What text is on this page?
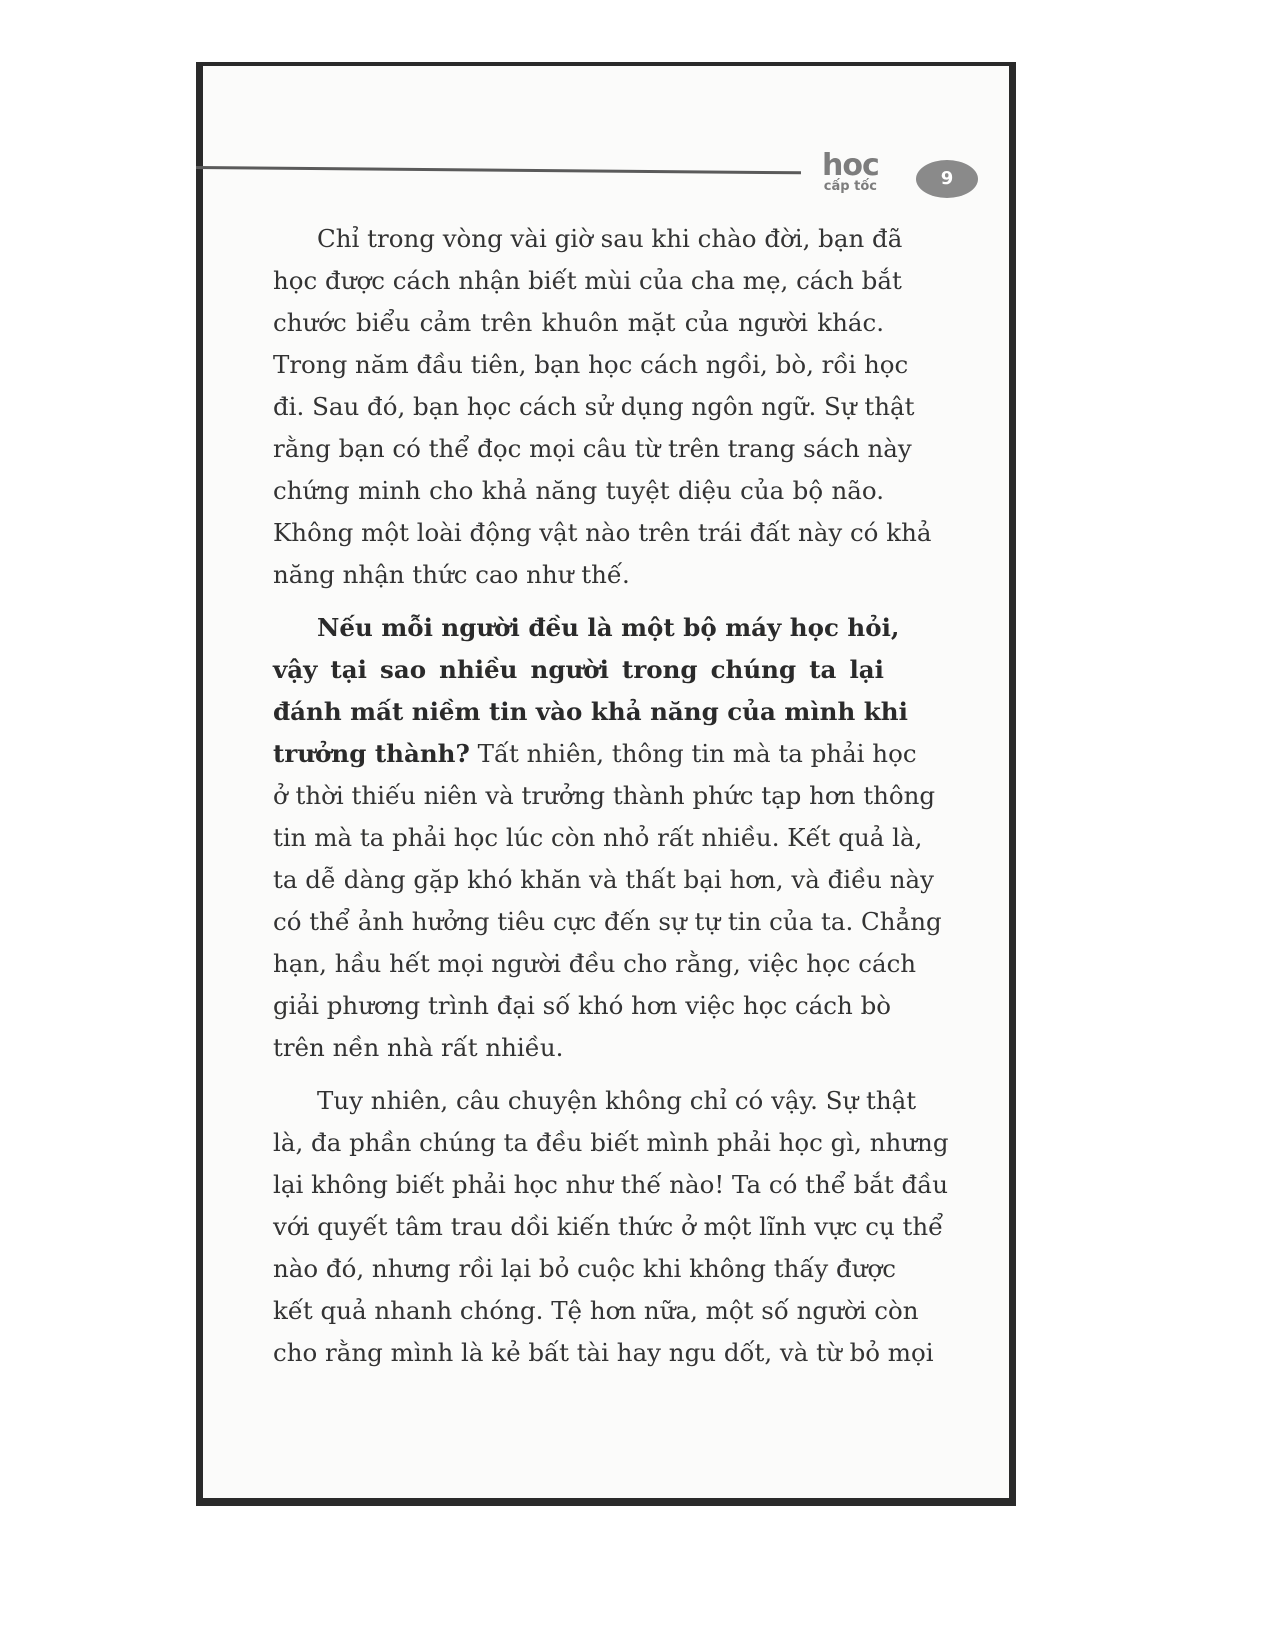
hoc
cấp tốc	9
Chỉ trong vòng vài giờ sau khi chào đời, bạn đã
học được cách nhận biết mùi của cha mẹ, cách bắt
chước biểu cảm trên khuôn mặt của người khác.
Trong năm đầu tiên, bạn học cách ngồi, bò, rồi học
đi. Sau đó, bạn học cách sử dụng ngôn ngữ. Sự thật
rằng bạn có thể đọc mọi câu từ trên trang sách này
chứng minh cho khả năng tuyệt diệu của bộ não.
Không một loài động vật nào trên trái đất này có khả
năng nhận thức cao như thế.
Nếu mỗi người đều là một bộ máy học hỏi,
vậy tại sao nhiều người trong chúng ta lại
đánh mất niềm tin vào khả năng của mình khi
trưởng thành? Tất nhiên, thông tin mà ta phải học
ở thời thiếu niên và trưởng thành phức tạp hơn thông
tin mà ta phải học lúc còn nhỏ rất nhiều. Kết quả là,
ta dễ dàng gặp khó khăn và thất bại hơn, và điều này
có thể ảnh hưởng tiêu cực đến sự tự tin của ta. Chẳng
hạn, hầu hết mọi người đều cho rằng, việc học cách
giải phương trình đại số khó hơn việc học cách bò
trên nền nhà rất nhiều.
Tuy nhiên, câu chuyện không chỉ có vậy. Sự thật
là, đa phần chúng ta đều biết mình phải học gì, nhưng
lại không biết phải học như thế nào! Ta có thể bắt đầu
với quyết tâm trau dồi kiến thức ở một lĩnh vực cụ thể
nào đó, nhưng rồi lại bỏ cuộc khi không thấy được
kết quả nhanh chóng. Tệ hơn nữa, một số người còn
cho rằng mình là kẻ bất tài hay ngu dốt, và từ bỏ mọi
